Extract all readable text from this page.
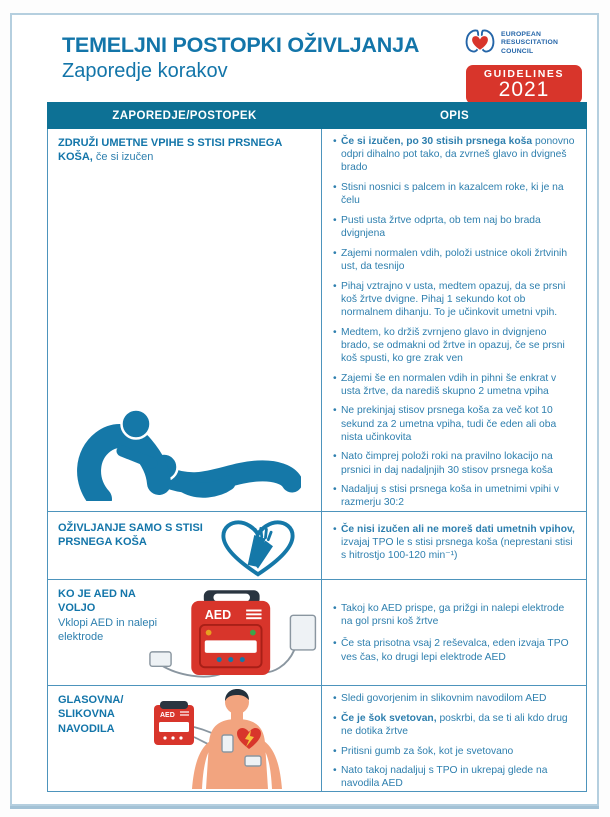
TEMELJNI POSTOPKI OŽIVLJANJA
Zaporedje korakov
EUROPEAN
RESUSCITATION
COUNCIL
GUIDELINES
2021
ZAPOREDJE/POSTOPEK	OPIS

ZDRUŽI UMETNE VPIHE S STISI PRSNEGA KOŠA, če si izučen

• Če si izučen, po 30 stisih prsnega koša ponovno odpri dihalno pot tako, da zvrneš glavo in dvigneš brado
• Stisni nosnici s palcem in kazalcem roke, ki je na čelu
• Pusti usta žrtve odprta, ob tem naj bo brada dvignjena
• Zajemi normalen vdih, položi ustnice okoli žrtvinih ust, da tesnijo
• Pihaj vztrajno v usta, medtem opazuj, da se prsni koš žrtve dvigne. Pihaj 1 sekundo kot ob normalnem dihanju. To je učinkovit umetni vpih.
• Medtem, ko držiš zvrnjeno glavo in dvignjeno brado, se odmakni od žrtve in opazuj, če se prsni koš spusti, ko gre zrak ven
• Zajemi še en normalen vdih in pihni še enkrat v usta žrtve, da narediš skupno 2 umetna vpiha
• Ne prekinjaj stisov prsnega koša za več kot 10 sekund za 2 umetna vpiha, tudi če eden ali oba nista učinkovita
• Nato čimprej položi roki na pravilno lokacijo na prsnici in daj nadaljnjih 30 stisov prsnega koša
• Nadaljuj s stisi prsnega koša in umetnimi vpihi v razmerju 30:2

OŽIVLJANJE SAMO S STISI PRSNEGA KOŠA

• Če nisi izučen ali ne moreš dati umetnih vpihov, izvajaj TPO le s stisi prsnega koša (neprestani stisi s hitrostjo 100-120 min⁻¹)

KO JE AED NA VOLJO
Vklopi AED in nalepi elektrode

AED	• Takoj ko AED prispe, ga prižgi in nalepi elektrode na gol prsni koš žrtve
• Če sta prisotna vsaj 2 reševalca, eden izvaja TPO ves čas, ko drugi lepi elektrode AED

GLASOVNA/ SLIKOVNA NAVODILA

AED
• Sledi govorjenim in slikovnim navodilom AED
• Če je šok svetovan, poskrbi, da se ti ali kdo drug ne dotika žrtve
• Pritisni gumb za šok, kot je svetovano
• Nato takoj nadaljuj s TPO in ukrepaj glede na navodila AED
